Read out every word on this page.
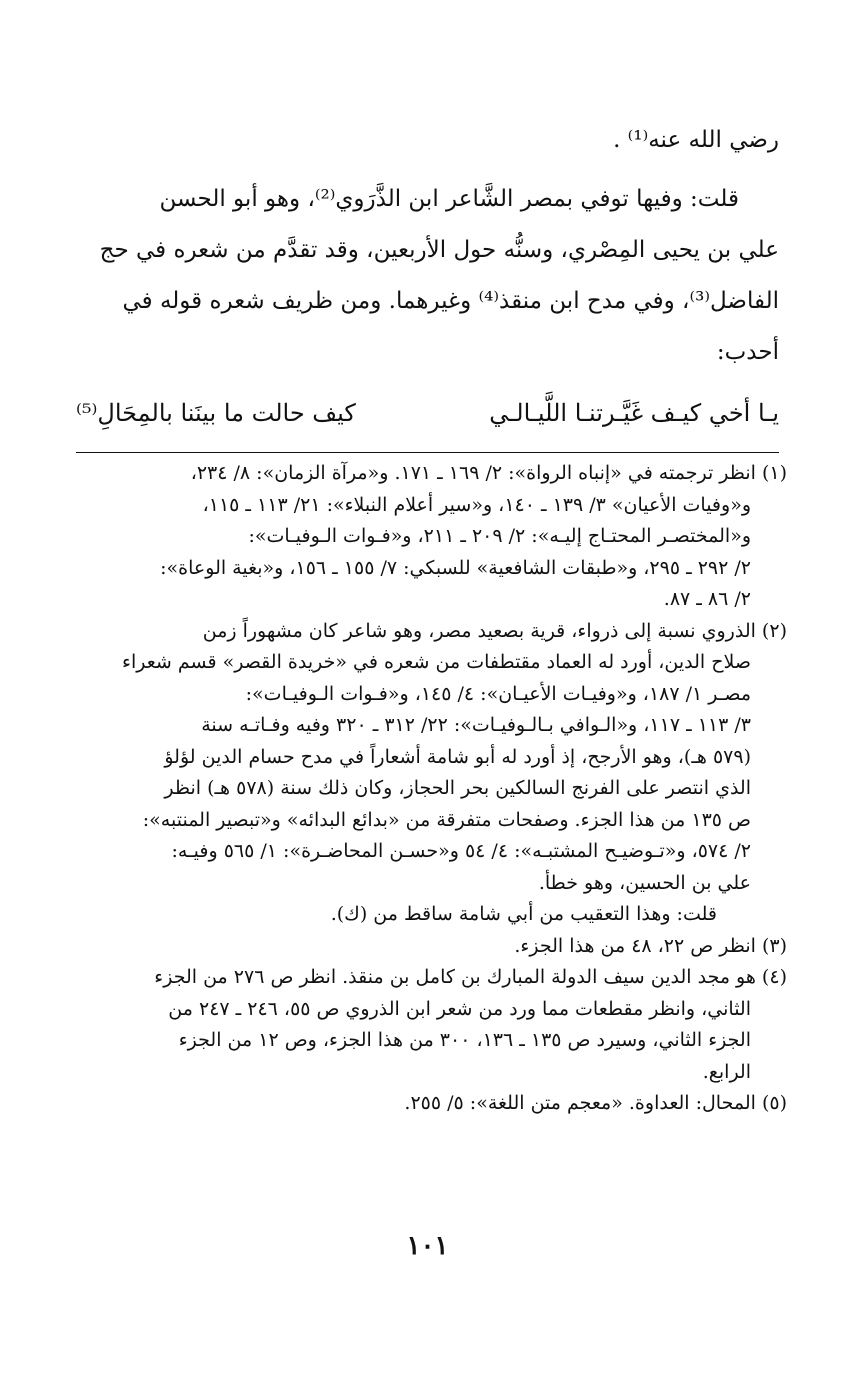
رضي الله عنه⁽¹⁾ .
قلت: وفيها توفي بمصر الشَّاعر ابن الذَّرَوي⁽²⁾، وهو أبو الحسن
علي بن يحيى المِصْري، وسنُّه حول الأربعين، وقد تقدَّم من شعره في حج
الفاضل⁽³⁾، وفي مدح ابن منقذ⁽⁴⁾ وغيرهما. ومن ظريف شعره قوله في
أحدب:
يـا أخي كيـف غَيَّـرتنـا اللَّيـالـي
كيف حالت ما بينَنا بالمِحَالِ⁽⁵⁾
(١) انظر ترجمته في «إنباه الرواة»: ٢/ ١٦٩ ـ ١٧١. و«مرآة الزمان»: ٨/ ٢٣٤،
و«وفيات الأعيان» ٣/ ١٣٩ ـ ١٤٠، و«سير أعلام النبلاء»: ٢١/ ١١٣ ـ ١١٥،
و«المختصـر المحتـاج إليـه»: ٢/ ٢٠٩ ـ ٢١١، و«فـوات الـوفيـات»:
٢/ ٢٩٢ ـ ٢٩٥، و«طبقات الشافعية» للسبكي: ٧/ ١٥٥ ـ ١٥٦، و«بغية الوعاة»:
٢/ ٨٦ ـ ٨٧.
(٢) الذروي نسبة إلى ذرواء، قرية بصعيد مصر، وهو شاعر كان مشهوراً زمن
صلاح الدين، أورد له العماد مقتطفات من شعره في «خريدة القصر» قسم شعراء
مصـر ١/ ١٨٧، و«وفيـات الأعيـان»: ٤/ ١٤٥، و«فـوات الـوفيـات»:
٣/ ١١٣ ـ ١١٧، و«الـوافي بـالـوفيـات»: ٢٢/ ٣١٢ ـ ٣٢٠ وفيه وفـاتـه سنة
(٥٧٩ هـ)، وهو الأرجح، إذ أورد له أبو شامة أشعاراً في مدح حسام الدين لؤلؤ
الذي انتصر على الفرنج السالكين بحر الحجاز، وكان ذلك سنة (٥٧٨ هـ) انظر
ص ١٣٥ من هذا الجزء. وصفحات متفرقة من «بدائع البدائه» و«تبصير المنتبه»:
٢/ ٥٧٤، و«تـوضيـح المشتبـه»: ٤/ ٥٤ و«حسـن المحاضـرة»: ١/ ٥٦٥ وفيـه:
علي بن الحسين، وهو خطأ.
قلت: وهذا التعقيب من أبي شامة ساقط من (ك).
(٣) انظر ص ٢٢، ٤٨ من هذا الجزء.
(٤) هو مجد الدين سيف الدولة المبارك بن كامل بن منقذ. انظر ص ٢٧٦ من الجزء
الثاني، وانظر مقطعات مما ورد من شعر ابن الذروي ص ٥٥، ٢٤٦ ـ ٢٤٧ من
الجزء الثاني، وسيرد ص ١٣٥ ـ ١٣٦، ٣٠٠ من هذا الجزء، وص ١٢ من الجزء
الرابع.
(٥) المحال: العداوة. «معجم متن اللغة»: ٥/ ٢٥٥.
١٠١
